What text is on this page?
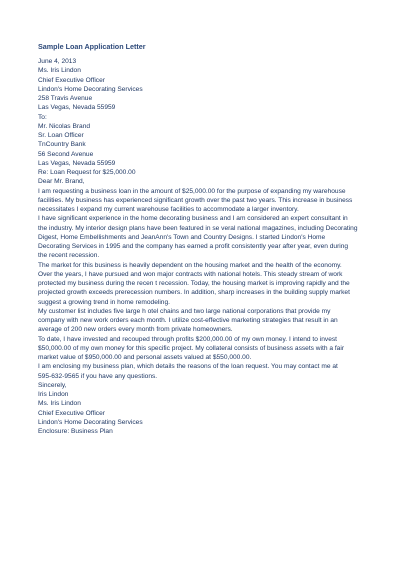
Sample Loan Application Letter
June 4, 2013
Ms. Iris Lindon
Chief Executive Officer
Lindon's Home Decorating Services
258 Travis Avenue
Las Vegas, Nevada 55959
To:
Mr. Nicolas Brand
Sr. Loan Officer
TnCountry Bank
56 Second Avenue
Las Vegas, Nevada 55959
Re: Loan Request for $25,000.00
Dear Mr. Brand,
I am requesting a business loan in the amount of $25,000.00 for the purpose of expanding my warehouse
facilities. My business has experienced significant growth over the past two years. This increase in business
necessitates I expand my current warehouse facilities to accommodate a larger inventory.
I have significant experience in the home decorating business and I am considered an expert consultant in
the industry. My interior design plans have been featured in se veral national magazines, including Decorating
Digest, Home Embellishments and JeanAnn's Town and Country Designs. I started Lindon's Home
Decorating Services in 1995 and the company has earned a profit consistently year after year, even during
the recent recession.
The market for this business is heavily dependent on the housing market and the health of the economy.
Over the years, I have pursued and won major contracts with national hotels. This steady stream of work
protected my business during the recen t recession. Today, the housing market is improving rapidly and the
projected growth exceeds prerecession numbers. In addition, sharp increases in the building supply market
suggest a growing trend in home remodeling.
My customer list includes five large h otel chains and two large national corporations that provide my
company with new work orders each month. I utilize cost-effective marketing strategies that result in an
average of 200 new orders every month from private homeowners.
To date, I have invested and recouped through profits $200,000.00 of my own money. I intend to invest
$50,000.00 of my own money for this specific project. My collateral consists of business assets with a fair
market value of $950,000.00 and personal assets valued at $550,000.00.
I am enclosing my business plan, which details the reasons of the loan request. You may contact me at
595-632-9565 if you have any questions.
Sincerely,
Iris Lindon
Ms. Iris Lindon
Chief Executive Officer
Lindon's Home Decorating Services
Enclosure: Business Plan
